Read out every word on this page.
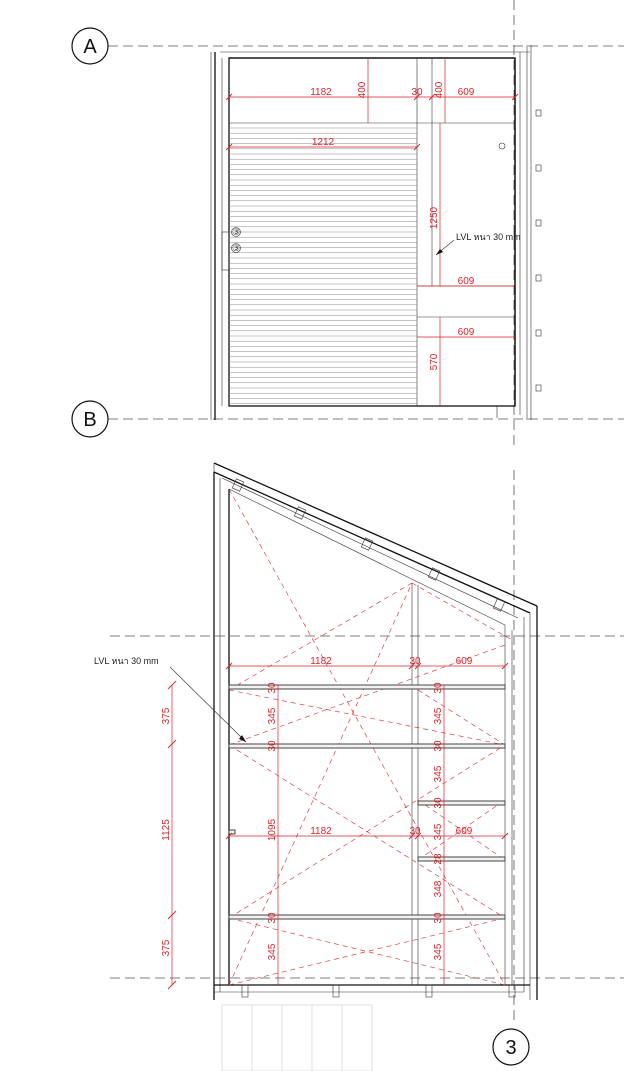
A
B
3
③
③
1182	30	609
400	400
1212
1250
609
609
570
LVL หนา 30 mm
1182	30	609
1182	30	609
375
1125
375
30
345
30
1095
30
345
30
345
30
345
30
345
28
348
30
345
LVL หนา 30 mm
